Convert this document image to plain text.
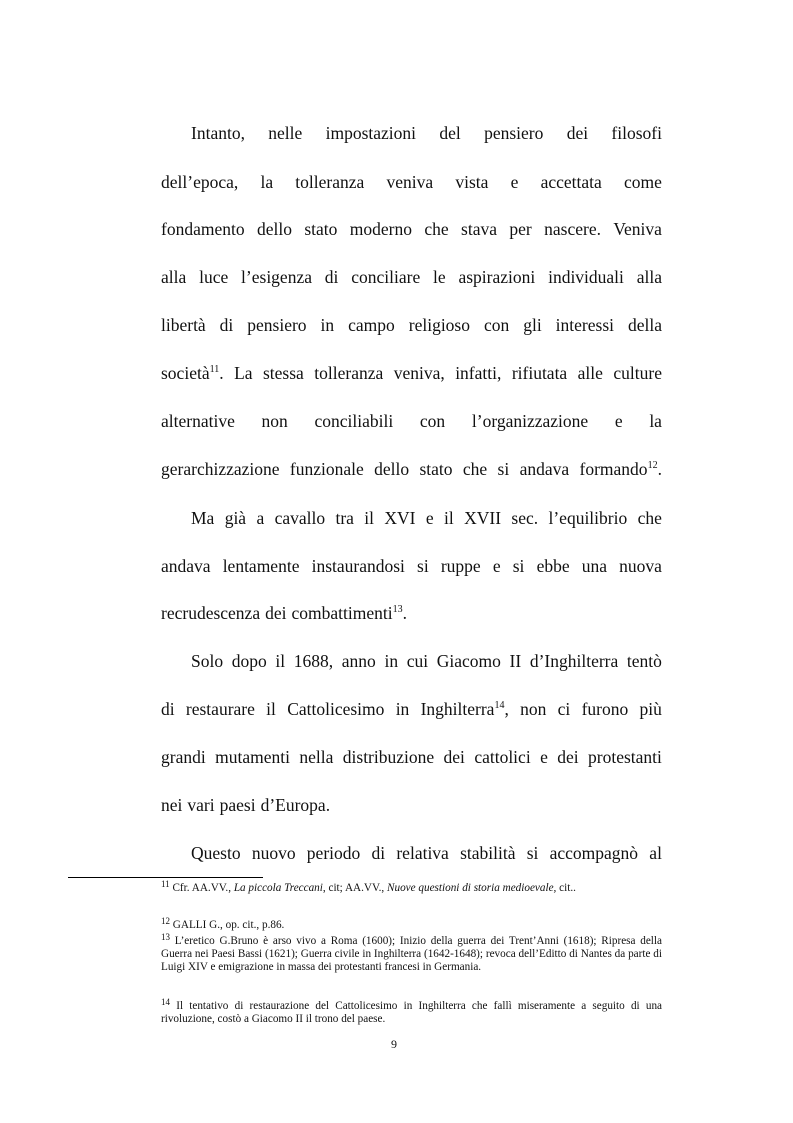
Intanto, nelle impostazioni del pensiero dei filosofi
dell’epoca, la tolleranza veniva vista e accettata come
fondamento dello stato moderno che stava per nascere. Veniva
alla luce l’esigenza di conciliare le aspirazioni individuali alla
libertà di pensiero in campo religioso con gli interessi della
società$^{11}$. La stessa tolleranza veniva, infatti, rifiutata alle culture
alternative non conciliabili con l’organizzazione e la
gerarchizzazione funzionale dello stato che si andava formando$^{12}$.
Ma già a cavallo tra il XVI e il XVII sec. l’equilibrio che
andava lentamente instaurandosi si ruppe e si ebbe una nuova
recrudescenza dei combattimenti$^{13}$.
Solo dopo il 1688, anno in cui Giacomo II d’Inghilterra tentò
di restaurare il Cattolicesimo in Inghilterra$^{14}$, non ci furono più
grandi mutamenti nella distribuzione dei cattolici e dei protestanti
nei vari paesi d’Europa.
Questo nuovo periodo di relativa stabilità si accompagnò al
$^{11}$ Cfr. AA.VV., La piccola Treccani, cit; AA.VV., Nuove questioni di storia medioevale, cit..
$^{12}$ GALLI G., op. cit., p.86.
$^{13}$ L’eretico G.Bruno è arso vivo a Roma (1600); Inizio della guerra dei Trent’Anni (1618); Ripresa della Guerra nei Paesi Bassi (1621); Guerra civile in Inghilterra (1642-1648); revoca dell’Editto di Nantes da parte di Luigi XIV e emigrazione in massa dei protestanti francesi in Germania.
$^{14}$ Il tentativo di restaurazione del Cattolicesimo in Inghilterra che fallì miseramente a seguito di una rivoluzione, costò a Giacomo II il trono del paese.
9
